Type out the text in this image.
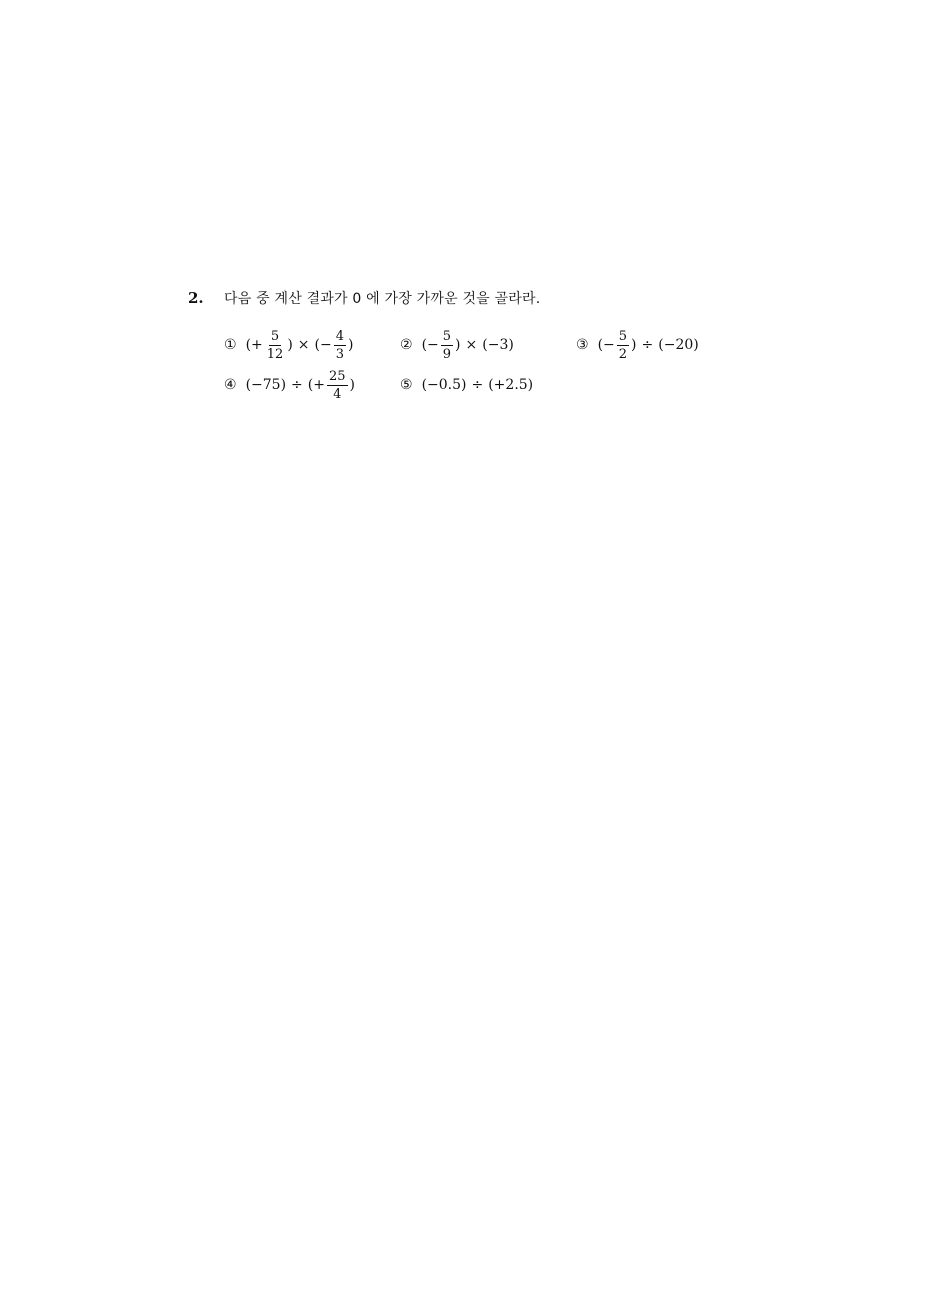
2.	다음 중 계산 결과가 0 에 가장 가까운 것을 골라라.
① (+ $\frac{5}{12}$ ) × (− $\frac{4}{3}$ )	② (− $\frac{5}{9}$ ) × (−3)	③ (− $\frac{5}{2}$ ) ÷ (−20)
④ (−75) ÷ (+ $\frac{25}{4}$ )	⑤ (−0.5) ÷ (+2.5)
